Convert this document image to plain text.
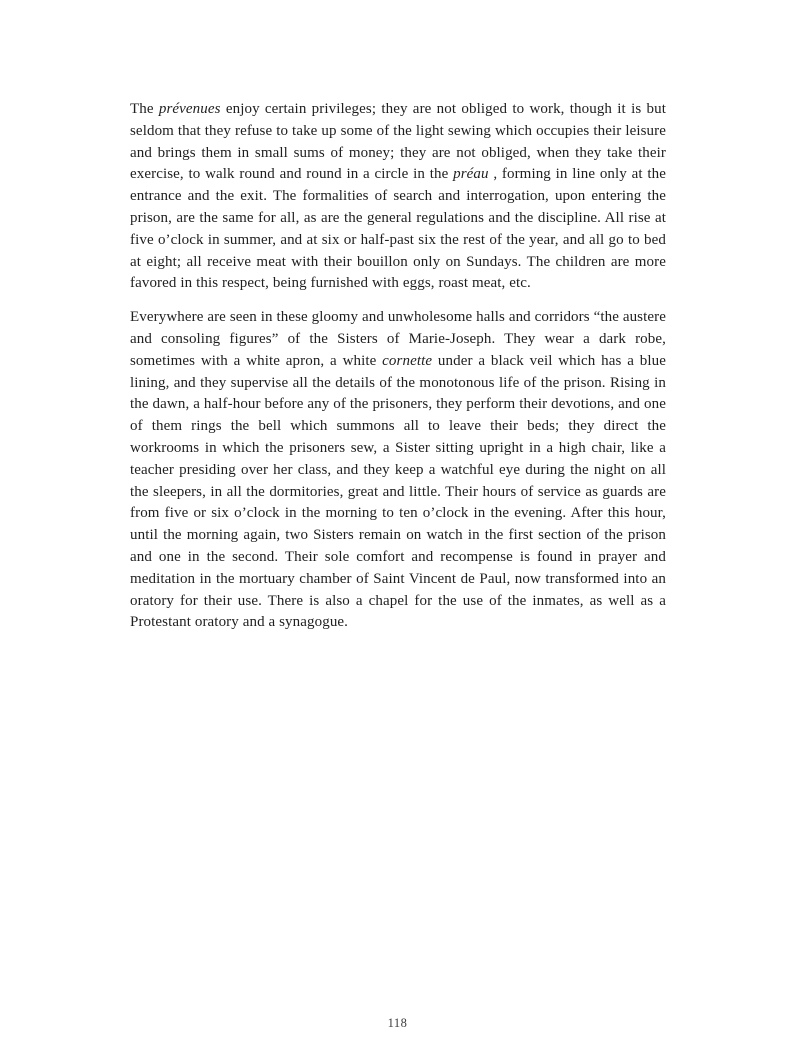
The prévenues enjoy certain privileges; they are not obliged to work, though it is but seldom that they refuse to take up some of the light sewing which occupies their leisure and brings them in small sums of money; they are not obliged, when they take their exercise, to walk round and round in a circle in the préau , forming in line only at the entrance and the exit. The formalities of search and interrogation, upon entering the prison, are the same for all, as are the general regulations and the discipline. All rise at five o’clock in summer, and at six or half-past six the rest of the year, and all go to bed at eight; all receive meat with their bouillon only on Sundays. The children are more favored in this respect, being furnished with eggs, roast meat, etc.

Everywhere are seen in these gloomy and unwholesome halls and corridors “the austere and consoling figures” of the Sisters of Marie-Joseph. They wear a dark robe, sometimes with a white apron, a white cornette under a black veil which has a blue lining, and they supervise all the details of the monotonous life of the prison. Rising in the dawn, a half-hour before any of the prisoners, they perform their devotions, and one of them rings the bell which summons all to leave their beds; they direct the workrooms in which the prisoners sew, a Sister sitting upright in a high chair, like a teacher presiding over her class, and they keep a watchful eye during the night on all the sleepers, in all the dormitories, great and little. Their hours of service as guards are from five or six o’clock in the morning to ten o’clock in the evening. After this hour, until the morning again, two Sisters remain on watch in the first section of the prison and one in the second. Their sole comfort and recompense is found in prayer and meditation in the mortuary chamber of Saint Vincent de Paul, now transformed into an oratory for their use. There is also a chapel for the use of the inmates, as well as a Protestant oratory and a synagogue.

118
